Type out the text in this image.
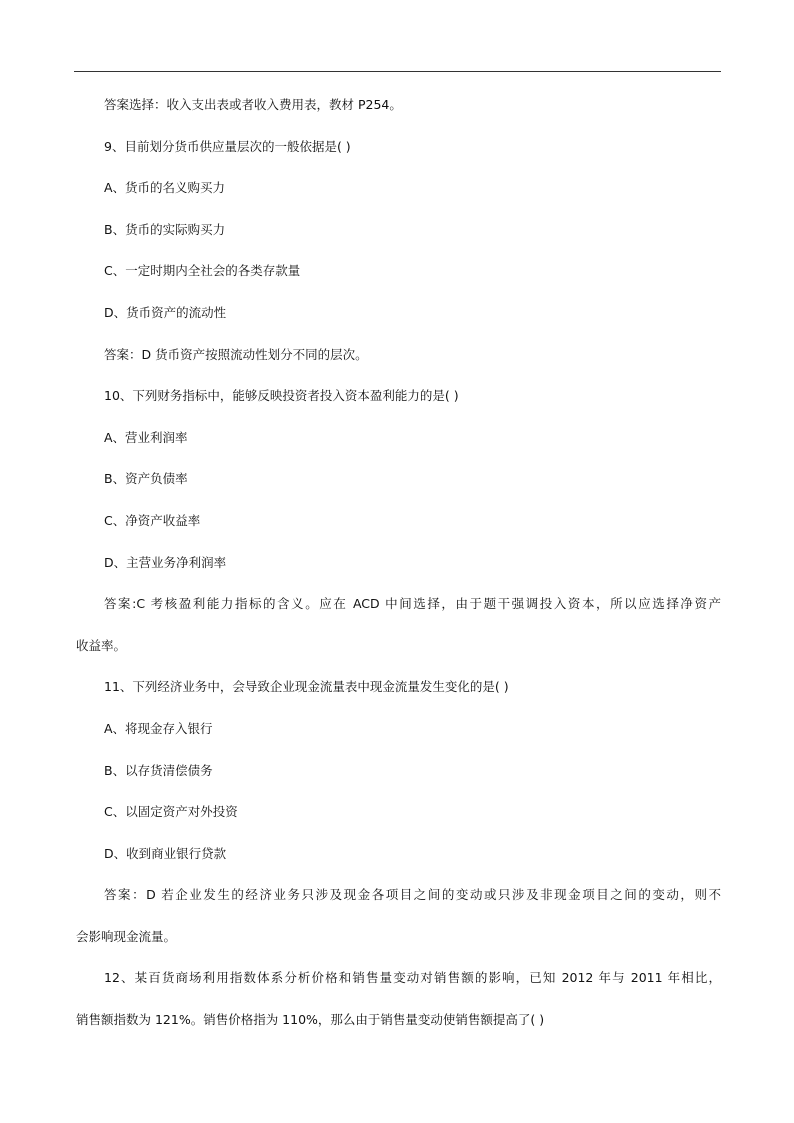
答案选择：收入支出表或者收入费用表，教材 P254。
9、目前划分货币供应量层次的一般依据是( )
A、货币的名义购买力
B、货币的实际购买力
C、一定时期内全社会的各类存款量
D、货币资产的流动性
答案：D 货币资产按照流动性划分不同的层次。
10、下列财务指标中，能够反映投资者投入资本盈利能力的是( )
A、营业利润率
B、资产负债率
C、净资产收益率
D、主营业务净利润率
答案:C 考核盈利能力指标的含义。应在 ACD 中间选择，由于题干强调投入资本，所以应选择净资产
收益率。
11、下列经济业务中，会导致企业现金流量表中现金流量发生变化的是( )
A、将现金存入银行
B、以存货清偿债务
C、以固定资产对外投资
D、收到商业银行贷款
答案：D 若企业发生的经济业务只涉及现金各项目之间的变动或只涉及非现金项目之间的变动，则不
会影响现金流量。
12、某百货商场利用指数体系分析价格和销售量变动对销售额的影响，已知 2012 年与 2011 年相比，
销售额指数为 121%。销售价格指为 110%，那么由于销售量变动使销售额提高了( )
